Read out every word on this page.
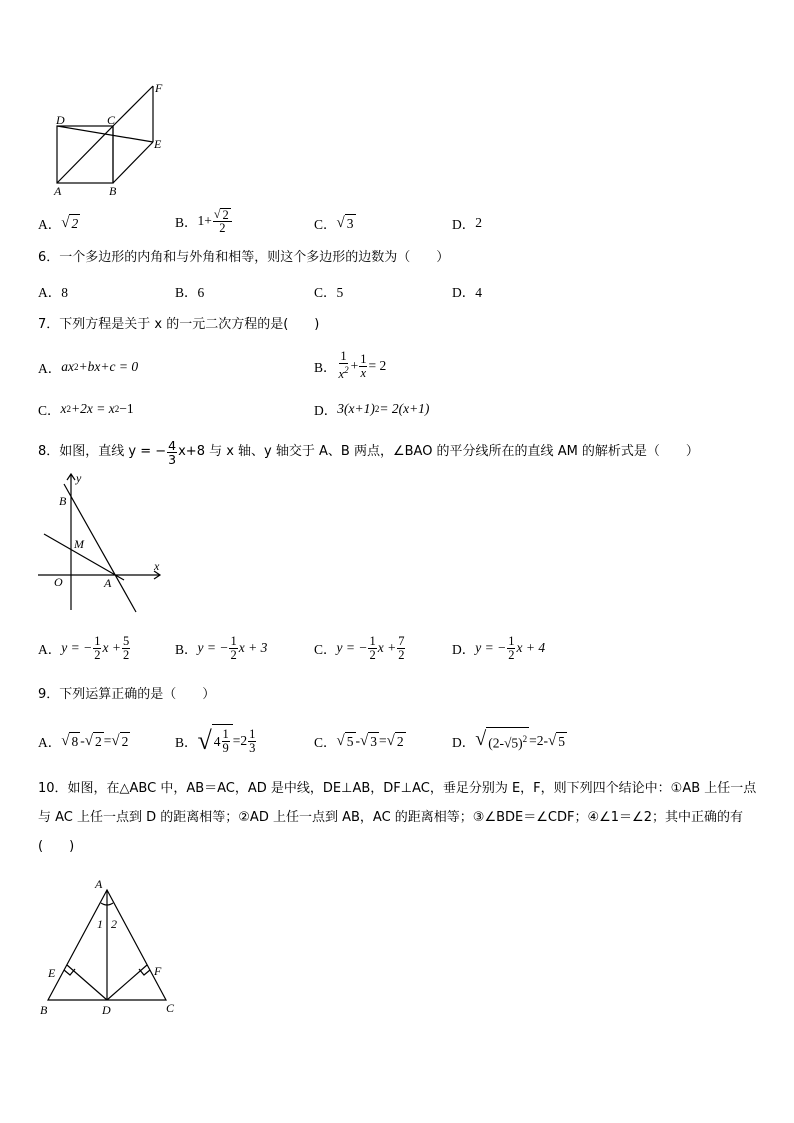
D	C
F
E
A	B
A． √ 2	B． $1+ \frac{√ 2}{2}$	C． √ 3	D． 2
6．一个多边形的内角和与外角和相等，则这个多边形的边数为（　　）
A．8	B．6	C．5	D．4
7．下列方程是关于 x 的一元二次方程的是(　　)
A． ax 2 +bx+c = 0	B． $\frac{1}{x^2} + \frac{1}{x} = 2$
C． x 2 +2x = x 2 −1	D． 3(x+1) 2 = 2(x+1)
8．如图，直线 y = − $\frac{4}{3} x+8$ 与 x 轴、y 轴交于 A、B 两点，∠BAO 的平分线所在的直线 AM 的解析式是（　　）
y
x
B
M
O	A
A． y = − $\frac{1}{2}$ $x + \frac{5}{2}$	B． y = − $\frac{1}{2}$ x + 3	C． y = − $\frac{1}{2}$ $x + \frac{7}{2}$	D． y = − $\frac{1}{2}$ x + 4
9．下列运算正确的是（　　）
A． √ 8 - √ 2 = √ 2	B． √ $4 \frac{1}{9} =2 \frac{1}{3}$	C． √ 5 - √ 3 = √ 2	D． √ $(2-√5)^2 =2-$ √ 5
10．如图，在△ABC 中，AB＝AC，AD 是中线，DE⊥AB，DF⊥AC，垂足分别为 E，F，则下列四个结论中：①AB 上任一点与 AC 上任一点到 D 的距离相等；②AD 上任一点到 AB，AC 的距离相等；③∠BDE＝∠CDF；④∠1＝∠2；其中正确的有(　　)
A
1 2
E	F
B	D	C
